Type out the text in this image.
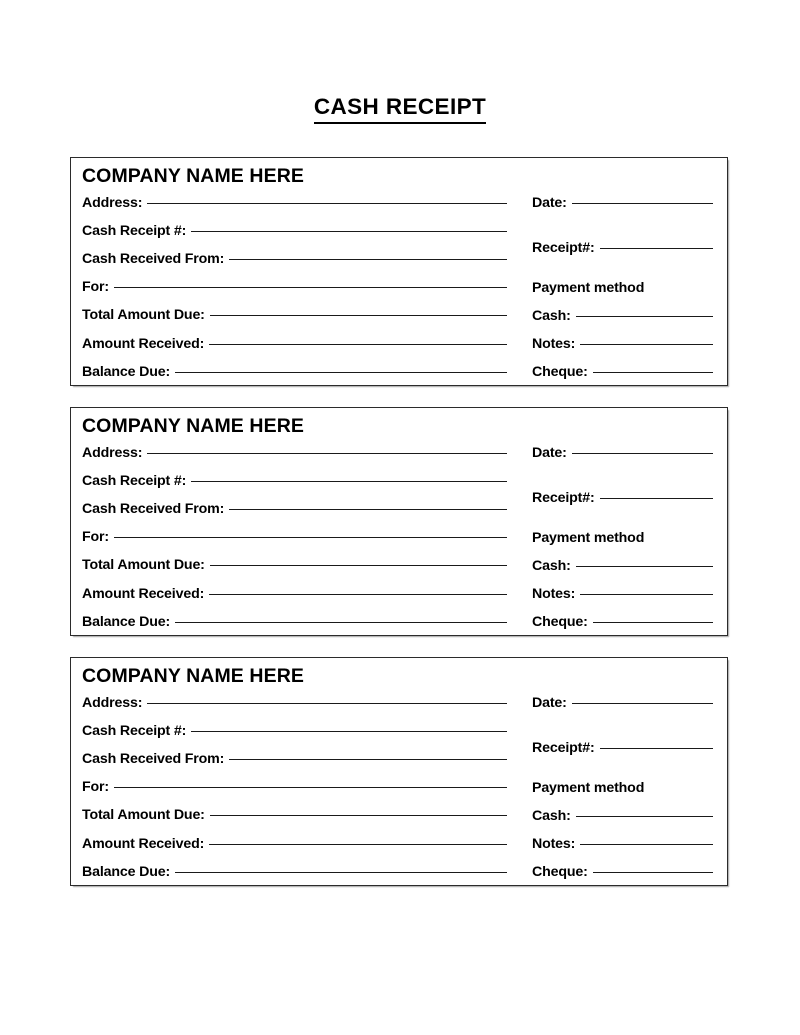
CASH RECEIPT
COMPANY NAME HERE
Address:
Cash Receipt #:
Cash Received From:
For:
Total Amount Due:
Amount Received:
Balance Due:
Date:
Receipt#:
Payment method
Cash:
Notes:
Cheque:
COMPANY NAME HERE
Address:
Cash Receipt #:
Cash Received From:
For:
Total Amount Due:
Amount Received:
Balance Due:
Date:
Receipt#:
Payment method
Cash:
Notes:
Cheque:
COMPANY NAME HERE
Address:
Cash Receipt #:
Cash Received From:
For:
Total Amount Due:
Amount Received:
Balance Due:
Date:
Receipt#:
Payment method
Cash:
Notes:
Cheque:
